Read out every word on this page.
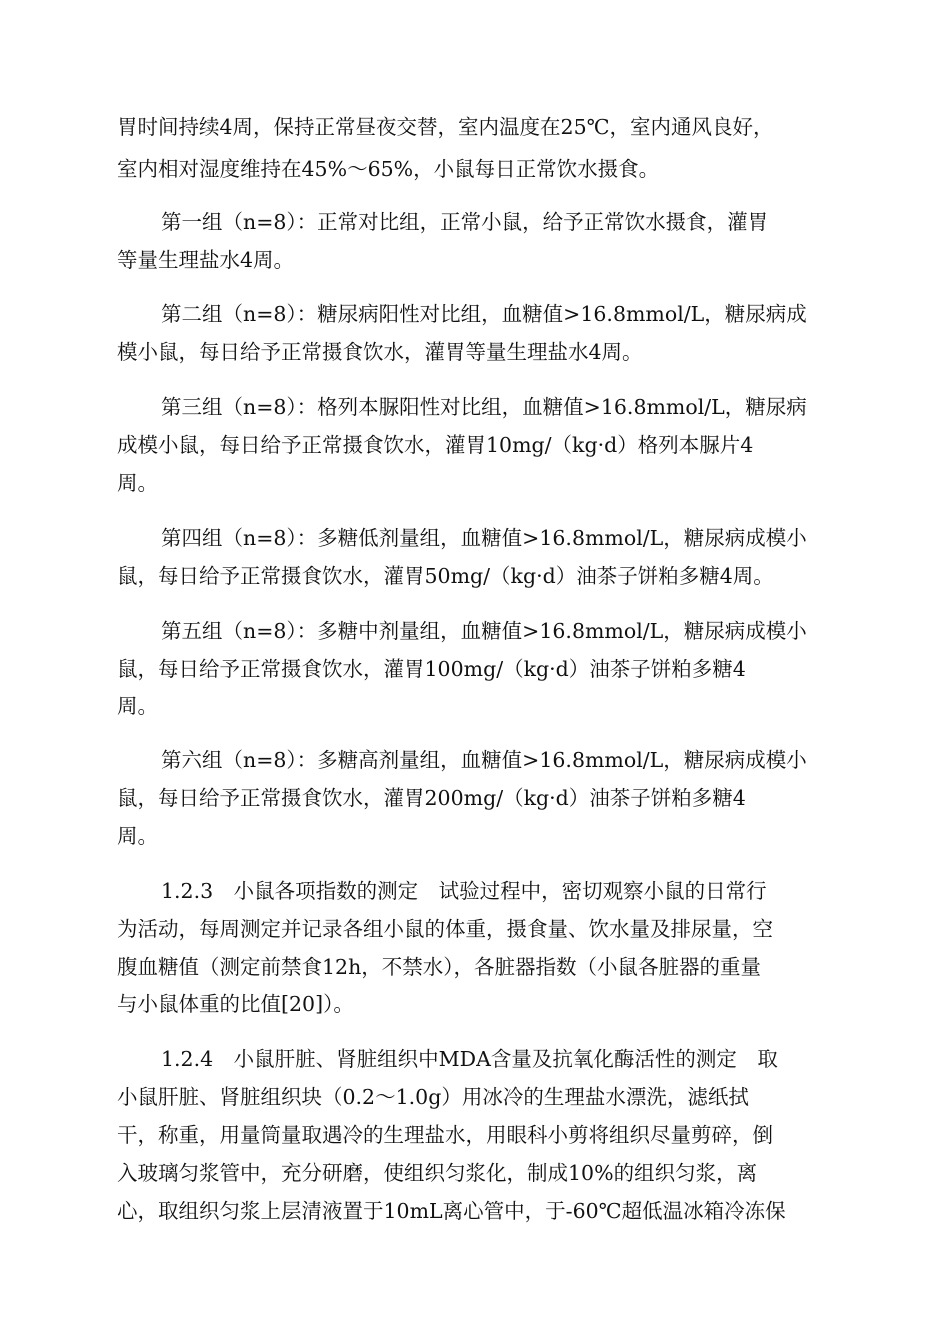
胃时间持续4周，保持正常昼夜交替，室内温度在25℃，室内通风良好，
室内相对湿度维持在45%～65%，小鼠每日正常饮水摄食。
第一组（n=8）：正常对比组，正常小鼠，给予正常饮水摄食，灌胃
等量生理盐水4周。
第二组（n=8）：糖尿病阳性对比组，血糖值>16.8mmol/L，糖尿病成
模小鼠，每日给予正常摄食饮水，灌胃等量生理盐水4周。
第三组（n=8）：格列本脲阳性对比组，血糖值>16.8mmol/L，糖尿病
成模小鼠，每日给予正常摄食饮水，灌胃10mg/（kg·d）格列本脲片4
周。
第四组（n=8）：多糖低剂量组，血糖值>16.8mmol/L，糖尿病成模小
鼠，每日给予正常摄食饮水，灌胃50mg/（kg·d）油茶子饼粕多糖4周。
第五组（n=8）：多糖中剂量组，血糖值>16.8mmol/L，糖尿病成模小
鼠，每日给予正常摄食饮水，灌胃100mg/（kg·d）油茶子饼粕多糖4
周。
第六组（n=8）：多糖高剂量组，血糖值>16.8mmol/L，糖尿病成模小
鼠，每日给予正常摄食饮水，灌胃200mg/（kg·d）油茶子饼粕多糖4
周。
1.2.3　小鼠各项指数的测定　试验过程中，密切观察小鼠的日常行
为活动，每周测定并记录各组小鼠的体重，摄食量、饮水量及排尿量，空
腹血糖值（测定前禁食12h，不禁水），各脏器指数（小鼠各脏器的重量
与小鼠体重的比值[20]）。
1.2.4　小鼠肝脏、肾脏组织中MDA含量及抗氧化酶活性的测定　取
小鼠肝脏、肾脏组织块（0.2～1.0g）用冰冷的生理盐水漂洗，滤纸拭
干，称重，用量筒量取遇冷的生理盐水，用眼科小剪将组织尽量剪碎，倒
入玻璃匀浆管中，充分研磨，使组织匀浆化，制成10%的组织匀浆，离
心，取组织匀浆上层清液置于10mL离心管中，于-60℃超低温冰箱冷冻保
